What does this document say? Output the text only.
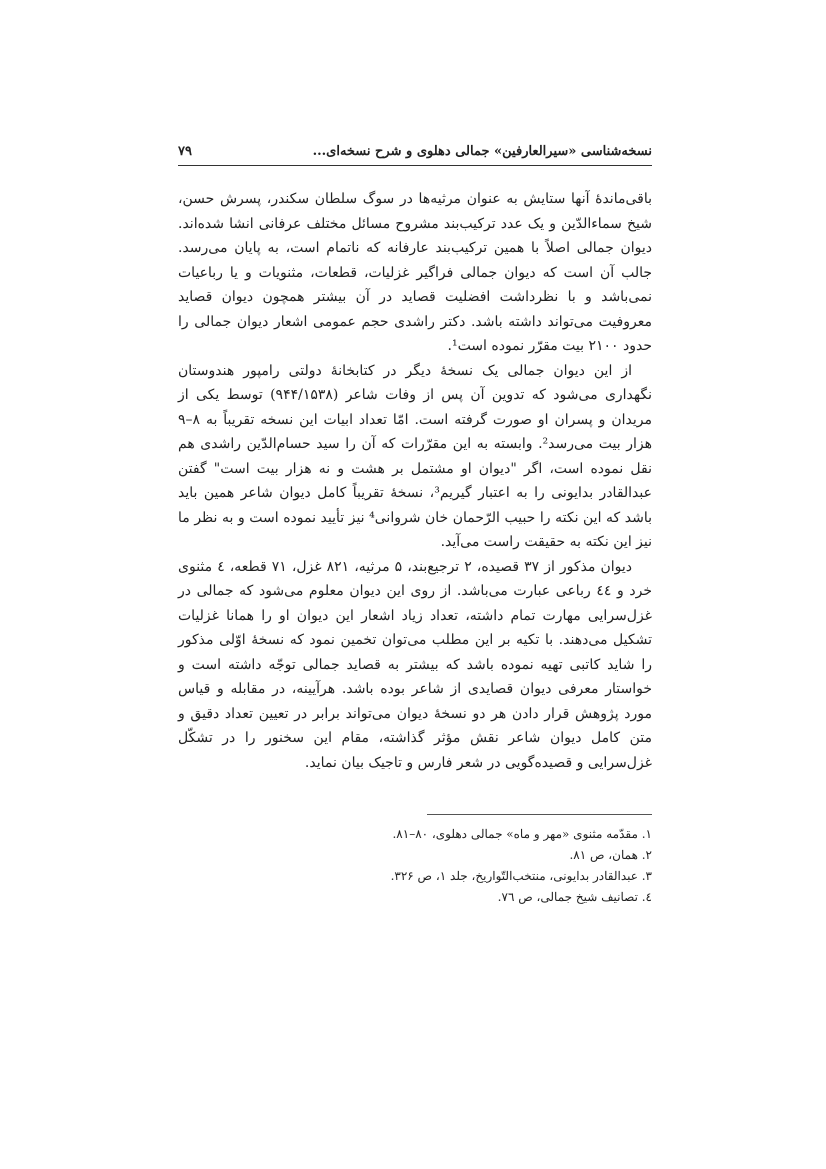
نسخه‌شناسی «سیرالعارفین» جمالی دهلوی و شرح نسخه‌ای...
۷۹

باقی‌ماندهٔ آنها ستایش به عنوان مرثیه‌ها در سوگ سلطان سکندر، پسرش حسن، شیخ سماءالدّین و یک عدد ترکیب‌بند مشروح مسائل مختلف عرفانی انشا شده‌اند. دیوان جمالی اصلاً با همین ترکیب‌بند عارفانه که ناتمام است، به پایان می‌رسد. جالب آن است که دیوان جمالی فراگیر غزلیات، قطعات، مثنویات و یا رباعیات نمی‌باشد و با نظرداشت افضلیت قصاید در آن بیشتر همچون دیوان قصاید معروفیت می‌تواند داشته باشد. دکتر راشدی حجم عمومی اشعار دیوان جمالی را حدود ۲۱۰۰ بیت مقرّر نموده است¹.

از این دیوان جمالی یک نسخهٔ دیگر در کتابخانهٔ دولتی رامپور هندوستان نگهداری می‌شود که تدوین آن پس از وفات شاعر (۹۴۴/۱۵۳۸) توسط یکی از مریدان و پسران او صورت گرفته است. امّا تعداد ابیات این نسخه تقریباً به ۸–۹ هزار بیت می‌رسد². وابسته به این مقرّرات که آن را سید حسام‌الدّین راشدی هم نقل نموده است، اگر "دیوان او مشتمل بر هشت و نه هزار بیت است" گفتن عبدالقادر بدایونی را به اعتبار گیریم³، نسخهٔ تقریباً کامل دیوان شاعر همین باید باشد که این نکته را حبیب الرّحمان خان شروانی⁴ نیز تأیید نموده است و به نظر ما نیز این نکته به حقیقت راست می‌آید.

دیوان مذکور از ۳۷ قصیده، ۲ ترجیع‌بند، ۵ مرثیه، ۸۲۱ غزل، ۷۱ قطعه، ٤ مثنوی خرد و ٤٤ رباعی عبارت می‌باشد. از روی این دیوان معلوم می‌شود که جمالی در غزل‌سرایی مهارت تمام داشته، تعداد زیاد اشعار این دیوان او را همانا غزلیات تشکیل می‌دهند. با تکیه بر این مطلب می‌توان تخمین نمود که نسخهٔ اوّلی مذکور را شاید کاتبی تهیه نموده باشد که بیشتر به قصاید جمالی توجّه داشته است و خواستار معرفی دیوان قصایدی از شاعر بوده باشد. هرآیینه، در مقابله و قیاس مورد پژوهش قرار دادن هر دو نسخهٔ دیوان می‌تواند برابر در تعیین تعداد دقیق و متن کامل دیوان شاعر نقش مؤثر گذاشته، مقام این سخنور را در تشکّل غزل‌سرایی و قصیده‌گویی در شعر فارس و تاجیک بیان نماید.

۱. مقدّمه مثنوی «مهر و ماه» جمالی دهلوی، ۸۰–۸۱.
۲. همان، ص ۸۱.
۳. عبدالقادر بدایونی، منتخب‌التّواریخ، جلد ۱، ص ۳۲۶.
٤. تصانیف شیخ جمالی، ص ۷٦.
